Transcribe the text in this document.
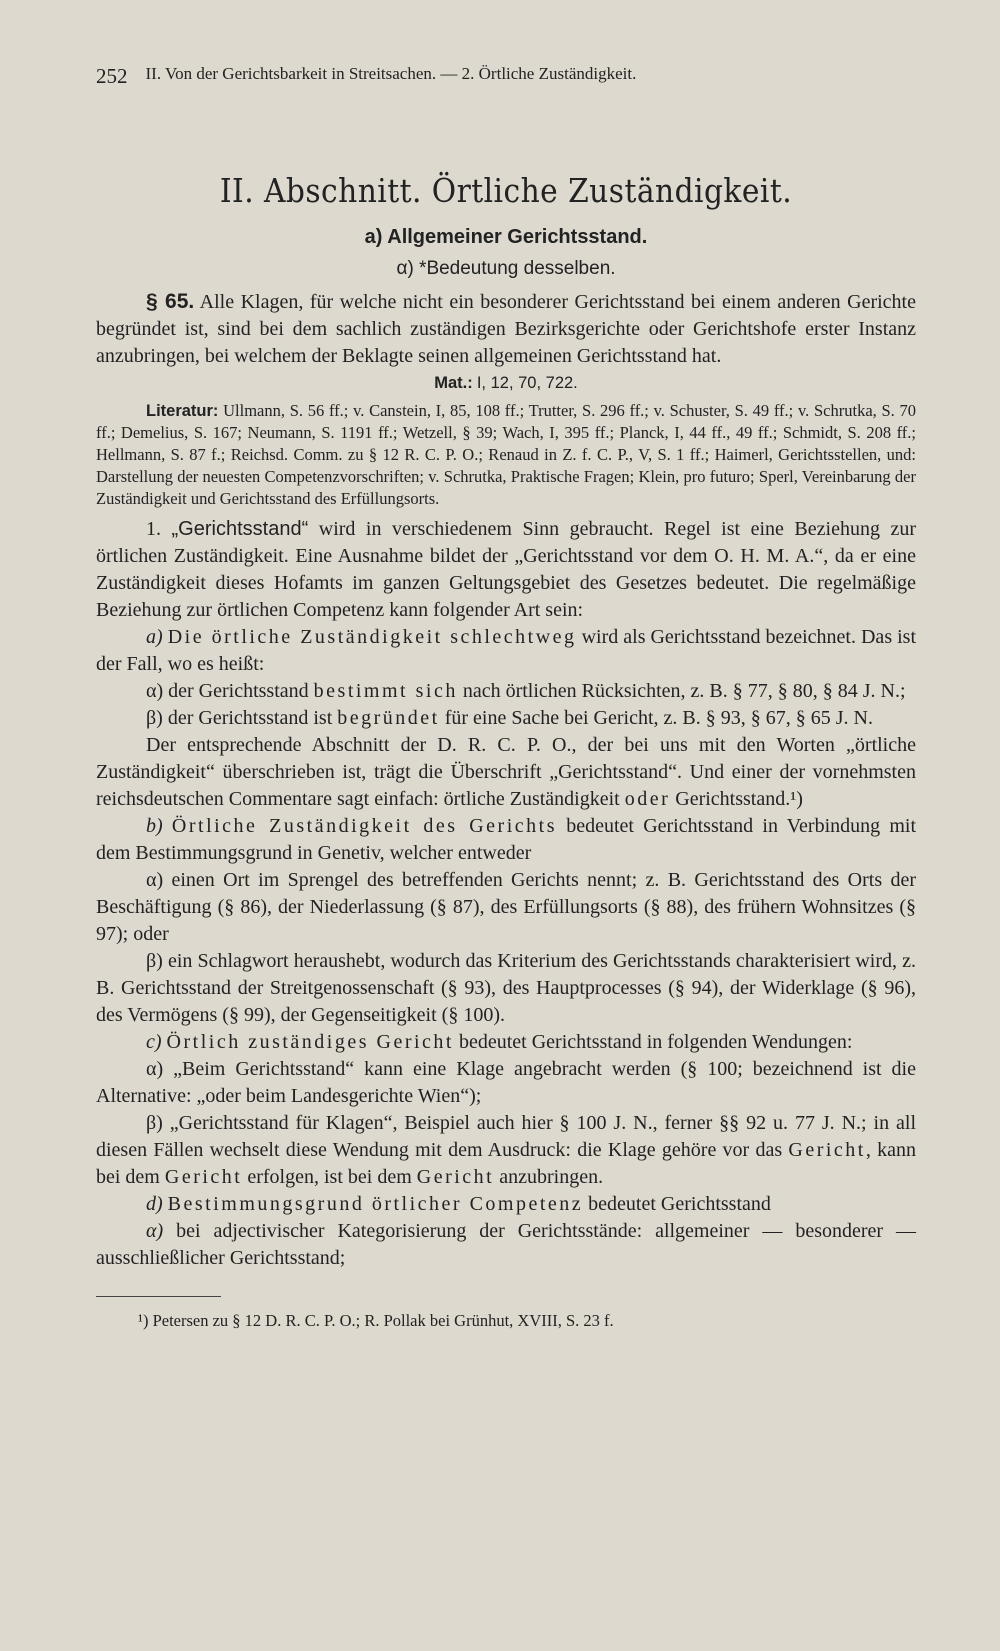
252 II. Von der Gerichtsbarkeit in Streitsachen. — 2. Örtliche Zuständigkeit.
II. Abschnitt. Örtliche Zuständigkeit.
a) Allgemeiner Gerichtsstand.
α) *Bedeutung desselben.

§ 65. Alle Klagen, für welche nicht ein besonderer Gerichtsstand bei einem anderen Gerichte begründet ist, sind bei dem sachlich zuständigen Bezirksgerichte oder Gerichtshofe erster Instanz anzubringen, bei welchem der Beklagte seinen allgemeinen Gerichtsstand hat.

Mat.: I, 12, 70, 722.

Literatur: Ullmann, S. 56 ff.; v. Canstein, I, 85, 108 ff.; Trutter, S. 296 ff.; v. Schuster, S. 49 ff.; v. Schrutka, S. 70 ff.; Demelius, S. 167; Neumann, S. 1191 ff.; Wetzell, § 39; Wach, I, 395 ff.; Planck, I, 44 ff., 49 ff.; Schmidt, S. 208 ff.; Hellmann, S. 87 f.; Reichsd. Comm. zu § 12 R. C. P. O.; Renaud in Z. f. C. P., V, S. 1 ff.; Haimerl, Gerichtsstellen, und: Darstellung der neuesten Competenzvorschriften; v. Schrutka, Praktische Fragen; Klein, pro futuro; Sperl, Vereinbarung der Zuständigkeit und Gerichtsstand des Erfüllungsorts.

1. „Gerichtsstand“ wird in verschiedenem Sinn gebraucht. Regel ist eine Beziehung zur örtlichen Zuständigkeit. Eine Ausnahme bildet der „Gerichtsstand vor dem O. H. M. A.“, da er eine Zuständigkeit dieses Hofamts im ganzen Geltungsgebiet des Gesetzes bedeutet. Die regelmäßige Beziehung zur örtlichen Competenz kann folgender Art sein:

a) Die örtliche Zuständigkeit schlechtweg wird als Gerichtsstand bezeichnet. Das ist der Fall, wo es heißt:

α) der Gerichtsstand bestimmt sich nach örtlichen Rücksichten, z. B. § 77, § 80, § 84 J. N.;

β) der Gerichtsstand ist begründet für eine Sache bei Gericht, z. B. § 93, § 67, § 65 J. N.

Der entsprechende Abschnitt der D. R. C. P. O., der bei uns mit den Worten „örtliche Zuständigkeit“ überschrieben ist, trägt die Überschrift „Gerichtsstand“. Und einer der vornehmsten reichsdeutschen Commentare sagt einfach: örtliche Zuständigkeit oder Gerichtsstand.¹)

b) Örtliche Zuständigkeit des Gerichts bedeutet Gerichtsstand in Verbindung mit dem Bestimmungsgrund in Genetiv, welcher entweder

α) einen Ort im Sprengel des betreffenden Gerichts nennt; z. B. Gerichtsstand des Orts der Beschäftigung (§ 86), der Niederlassung (§ 87), des Erfüllungsorts (§ 88), des frühern Wohnsitzes (§ 97); oder

β) ein Schlagwort heraushebt, wodurch das Kriterium des Gerichtsstands charakterisiert wird, z. B. Gerichtsstand der Streitgenossenschaft (§ 93), des Hauptprocesses (§ 94), der Widerklage (§ 96), des Vermögens (§ 99), der Gegenseitigkeit (§ 100).

c) Örtlich zuständiges Gericht bedeutet Gerichtsstand in folgenden Wendungen:

α) „Beim Gerichtsstand“ kann eine Klage angebracht werden (§ 100; bezeichnend ist die Alternative: „oder beim Landesgerichte Wien“);

β) „Gerichtsstand für Klagen“, Beispiel auch hier § 100 J. N., ferner §§ 92 u. 77 J. N.; in all diesen Fällen wechselt diese Wendung mit dem Ausdruck: die Klage gehöre vor das Gericht, kann bei dem Gericht erfolgen, ist bei dem Gericht anzubringen.

d) Bestimmungsgrund örtlicher Competenz bedeutet Gerichtsstand

α) bei adjectivischer Kategorisierung der Gerichtsstände: allgemeiner — besonderer — ausschließlicher Gerichtsstand;

¹) Petersen zu § 12 D. R. C. P. O.; R. Pollak bei Grünhut, XVIII, S. 23 f.
